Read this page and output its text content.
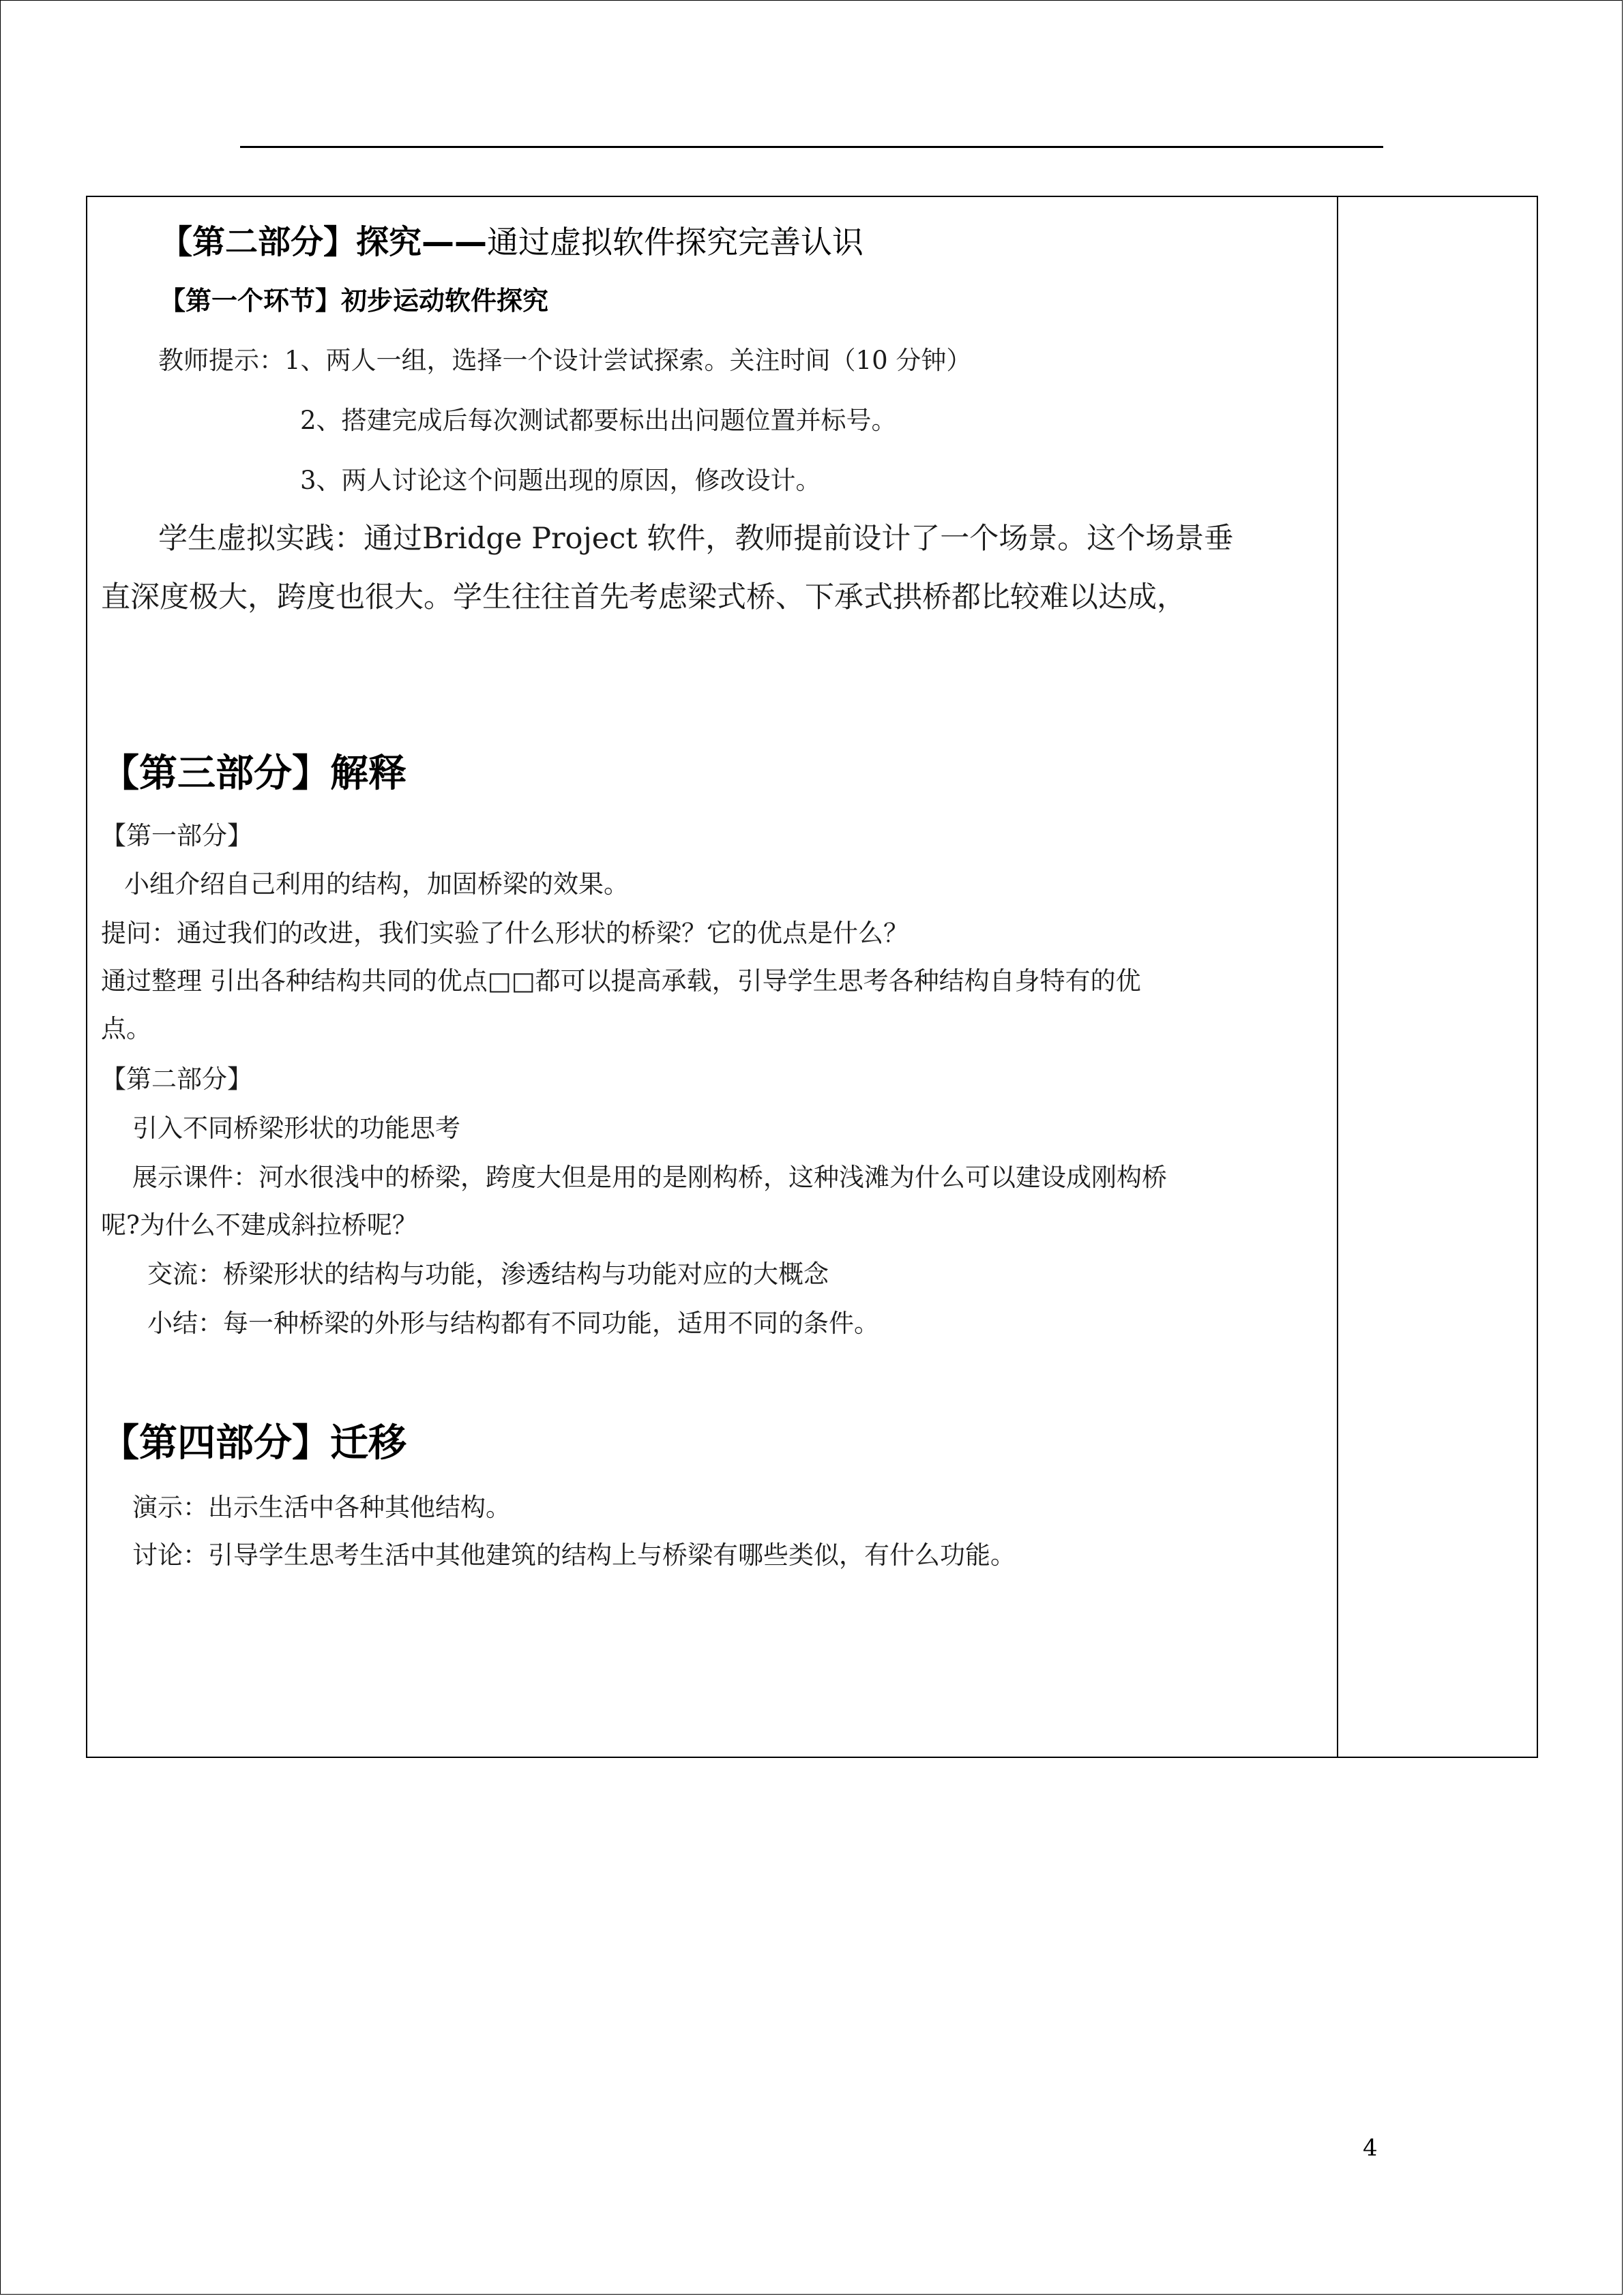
【第二部分】探究——通过虚拟软件探究完善认识
【第一个环节】初步运动软件探究
教师提示：1、两人一组，选择一个设计尝试探索。关注时间（10 分钟）
2、搭建完成后每次测试都要标出出问题位置并标号。
3、两人讨论这个问题出现的原因，修改设计。
学生虚拟实践：通过Bridge Project 软件，教师提前设计了一个场景。这个场景垂
直深度极大，跨度也很大。学生往往首先考虑梁式桥、下承式拱桥都比较难以达成，
【第三部分】解释
【第一部分】
小组介绍自己利用的结构，加固桥梁的效果。
提问：通过我们的改进，我们实验了什么形状的桥梁？它的优点是什么？
通过整理 引出各种结构共同的优点□□都可以提高承载，引导学生思考各种结构自身特有的优
点。
【第二部分】
引入不同桥梁形状的功能思考
展示课件：河水很浅中的桥梁，跨度大但是用的是刚构桥，这种浅滩为什么可以建设成刚构桥
呢?为什么不建成斜拉桥呢？
交流：桥梁形状的结构与功能，渗透结构与功能对应的大概念
小结：每一种桥梁的外形与结构都有不同功能，适用不同的条件。
【第四部分】迁移
演示：出示生活中各种其他结构。
讨论：引导学生思考生活中其他建筑的结构上与桥梁有哪些类似，有什么功能。
4
